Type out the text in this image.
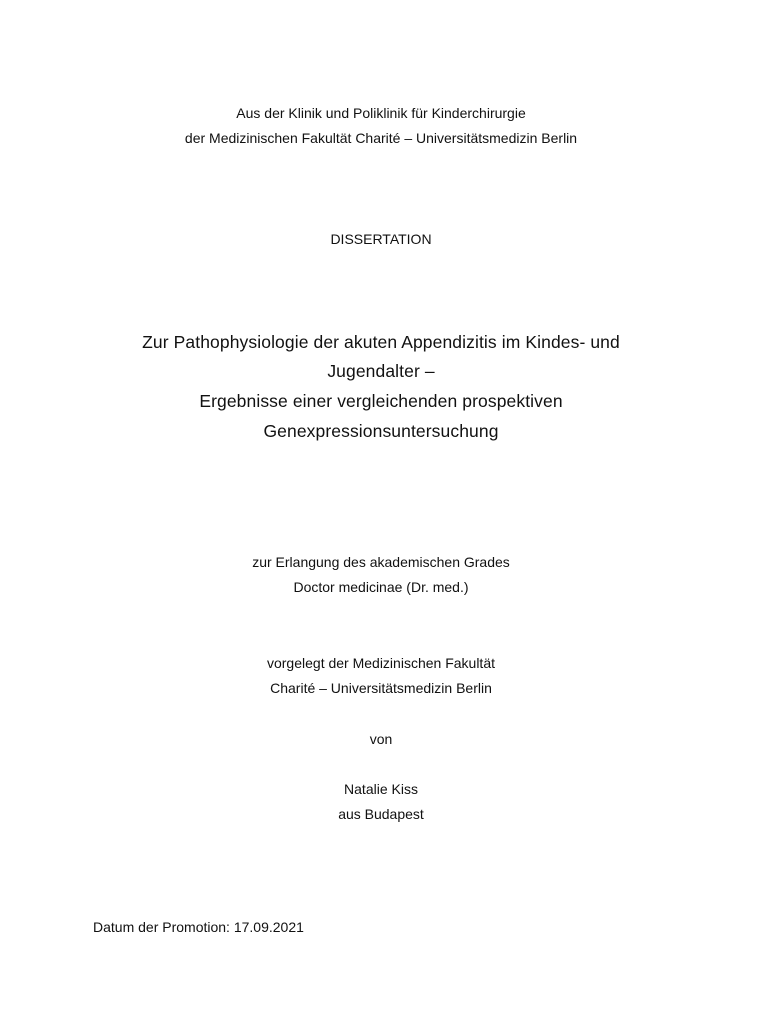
Aus der Klinik und Poliklinik für Kinderchirurgie
der Medizinischen Fakultät Charité – Universitätsmedizin Berlin
DISSERTATION
Zur Pathophysiologie der akuten Appendizitis im Kindes- und
Jugendalter –
Ergebnisse einer vergleichenden prospektiven
Genexpressionsuntersuchung
zur Erlangung des akademischen Grades
Doctor medicinae (Dr. med.)
vorgelegt der Medizinischen Fakultät
Charité – Universitätsmedizin Berlin
von
Natalie Kiss
aus Budapest
Datum der Promotion: 17.09.2021
